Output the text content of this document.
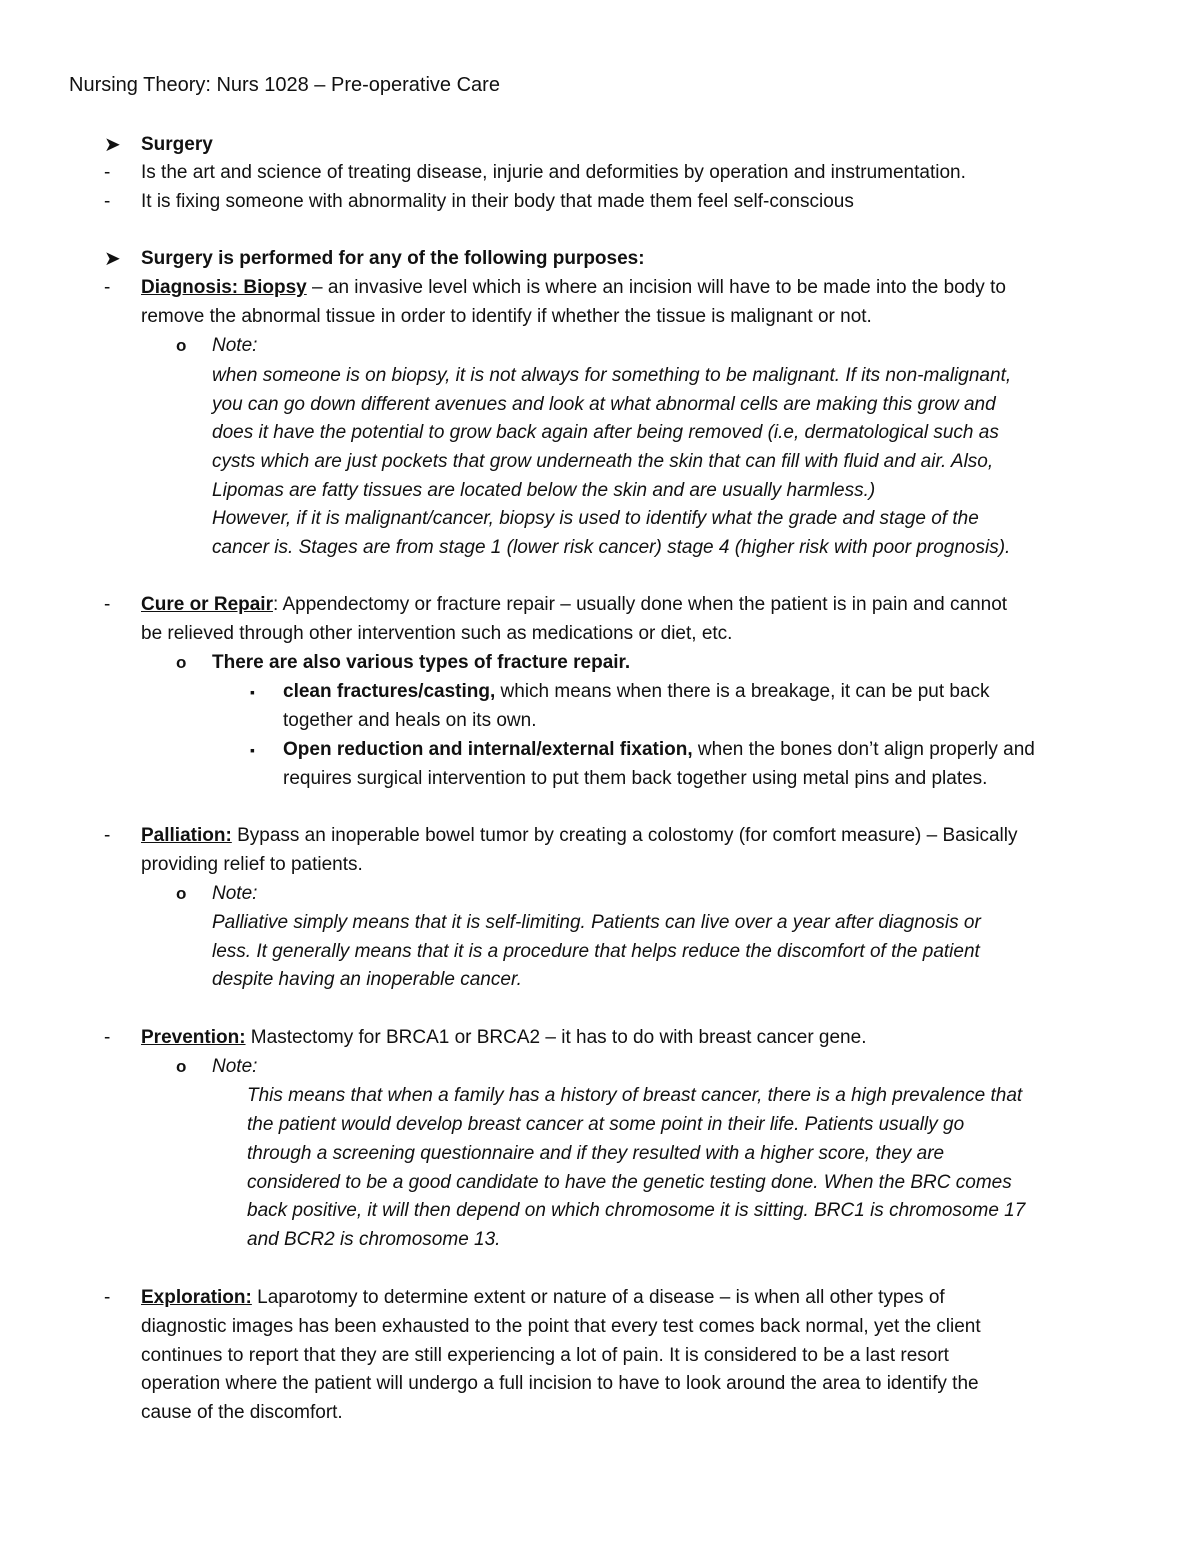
Nursing Theory: Nurs 1028 – Pre-operative Care
➤ Surgery
- Is the art and science of treating disease, injurie and deformities by operation and instrumentation.
- It is fixing someone with abnormality in their body that made them feel self-conscious
➤ Surgery is performed for any of the following purposes:
- Diagnosis: Biopsy – an invasive level which is where an incision will have to be made into the body to
remove the abnormal tissue in order to identify if whether the tissue is malignant or not.
o Note:
when someone is on biopsy, it is not always for something to be malignant. If its non-malignant,
you can go down different avenues and look at what abnormal cells are making this grow and
does it have the potential to grow back again after being removed (i.e, dermatological such as
cysts which are just pockets that grow underneath the skin that can fill with fluid and air. Also,
Lipomas are fatty tissues are located below the skin and are usually harmless.)
However, if it is malignant/cancer, biopsy is used to identify what the grade and stage of the
cancer is. Stages are from stage 1 (lower risk cancer) stage 4 (higher risk with poor prognosis).
- Cure or Repair: Appendectomy or fracture repair – usually done when the patient is in pain and cannot
be relieved through other intervention such as medications or diet, etc.
o There are also various types of fracture repair.
▪ clean fractures/casting, which means when there is a breakage, it can be put back
together and heals on its own.
▪ Open reduction and internal/external fixation, when the bones don’t align properly and
requires surgical intervention to put them back together using metal pins and plates.
- Palliation: Bypass an inoperable bowel tumor by creating a colostomy (for comfort measure) – Basically
providing relief to patients.
o Note:
Palliative simply means that it is self-limiting. Patients can live over a year after diagnosis or
less. It generally means that it is a procedure that helps reduce the discomfort of the patient
despite having an inoperable cancer.
- Prevention: Mastectomy for BRCA1 or BRCA2 – it has to do with breast cancer gene.
o Note:
This means that when a family has a history of breast cancer, there is a high prevalence that
the patient would develop breast cancer at some point in their life. Patients usually go
through a screening questionnaire and if they resulted with a higher score, they are
considered to be a good candidate to have the genetic testing done. When the BRC comes
back positive, it will then depend on which chromosome it is sitting. BRC1 is chromosome 17
and BCR2 is chromosome 13.
- Exploration: Laparotomy to determine extent or nature of a disease – is when all other types of
diagnostic images has been exhausted to the point that every test comes back normal, yet the client
continues to report that they are still experiencing a lot of pain. It is considered to be a last resort
operation where the patient will undergo a full incision to have to look around the area to identify the
cause of the discomfort.
